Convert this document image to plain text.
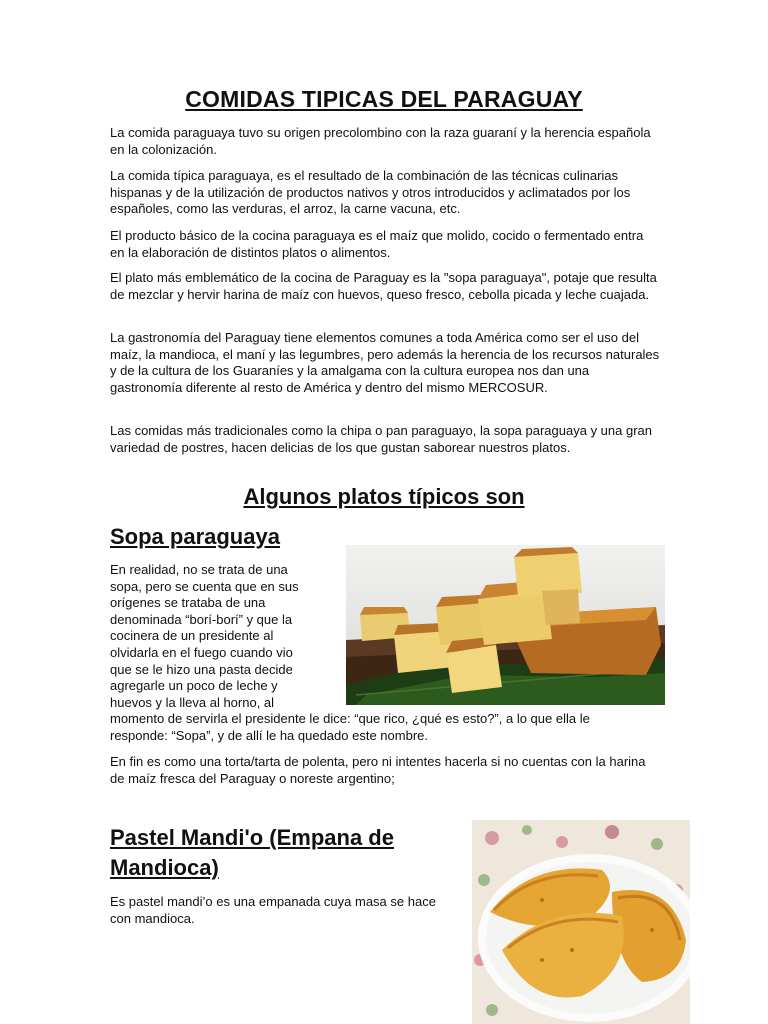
COMIDAS TIPICAS DEL PARAGUAY

La comida paraguaya tuvo su origen precolombino con la raza guaraní y la herencia española en la colonización.

La comida típica paraguaya, es el resultado de la combinación de las técnicas culinarias hispanas y de la utilización de productos nativos y otros introducidos y aclimatados por los españoles, como las verduras, el arroz, la carne vacuna, etc.

El producto básico de la cocina paraguaya es el maíz que molido, cocido o fermentado entra en la elaboración de distintos platos o alimentos.

El plato más emblemático de la cocina de Paraguay es la "sopa paraguaya", potaje que resulta de mezclar y hervir harina de maíz con huevos, queso fresco, cebolla picada y leche cuajada.

La gastronomía del Paraguay tiene elementos comunes a toda América como ser el uso del maíz, la mandioca, el maní y las legumbres, pero además la herencia de los recursos naturales y de la cultura de los Guaraníes y la amalgama con la cultura europea nos dan una gastronomía diferente al resto de América y dentro del mismo MERCOSUR.

Las comidas más tradicionales como la chipa o pan paraguayo, la sopa paraguaya y una gran variedad de postres, hacen delicias de los que gustan saborear nuestros platos.

Algunos platos típicos son
Sopa paraguaya

En realidad, no se trata de una
sopa, pero se cuenta que en sus
orígenes se trataba de una
denominada “borí-borí” y que la
cocinera de un presidente al
olvidarla en el fuego cuando vio
que se le hizo una pasta decide
agregarle un poco de leche y
huevos y la lleva al horno, al

momento de servirla el presidente le dice: “que rico, ¿qué es esto?”, a lo que ella le
responde: “Sopa”, y de allí le ha quedado este nombre.

En fin es como una torta/tarta de polenta, pero ni intentes hacerla si no cuentas con la harina de maíz fresca del Paraguay o noreste argentino;

Pastel Mandi'o (Empana de Mandioca)

Es pastel mandi’o es una empanada cuya masa se hace con mandioca.
